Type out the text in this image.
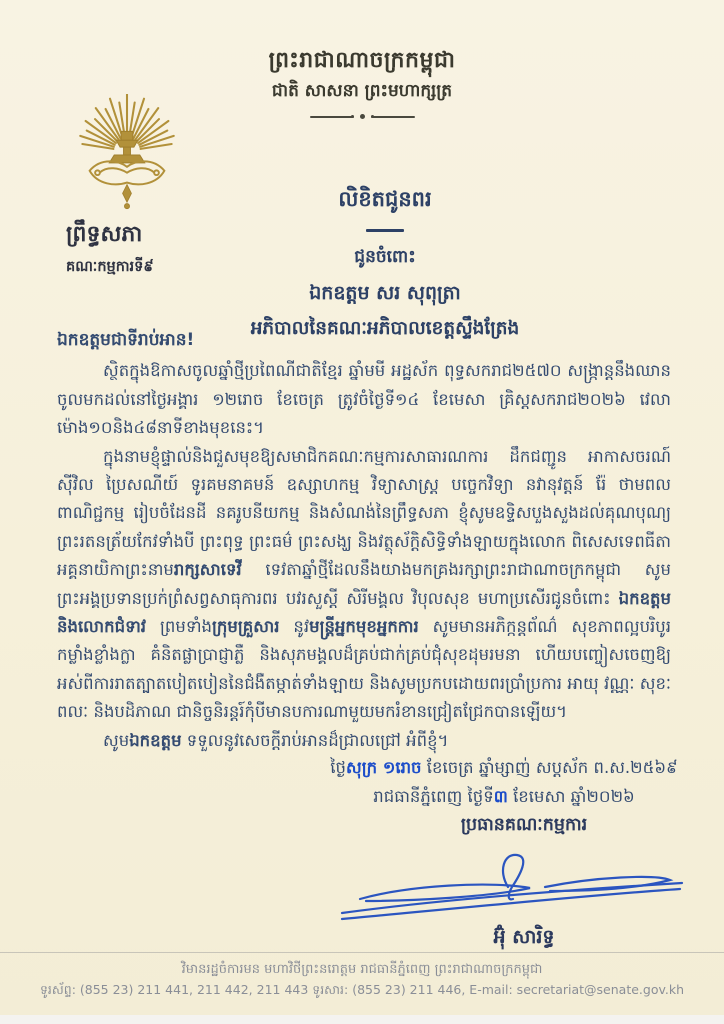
ព្រះរាជាណាចក្រកម្ពុជា
ជាតិ សាសនា ព្រះមហាក្សត្រ
ព្រឹទ្ធសភា
គណៈកម្មការទី៩
លិខិតជូនពរ
ជូនចំពោះ
ឯកឧត្តម សរ សុពុត្រា
អភិបាលនៃគណៈអភិបាលខេត្តស្ទឹងត្រែង
ឯកឧត្តមជាទីរាប់អាន!

ស្ថិតក្នុងឱកាសចូលឆ្នាំថ្មីប្រពៃណីជាតិខ្មែរ ឆ្នាំមមី អដ្ឋស័ក ពុទ្ធសករាជ២៥៧០ សង្ក្រាន្តនឹងឈានចូលមកដល់នៅថ្ងៃអង្គារ ១២រោច ខែចេត្រ ត្រូវចំថ្ងៃទី១៤ ខែមេសា គ្រិស្តសករាជ២០២៦ វេលាម៉ោង១០និង៤៨នាទីខាងមុខនេះ។

ក្នុងនាមខ្ញុំផ្ទាល់និងជួសមុខឱ្យសមាជិកគណៈកម្មការសាធារណការ ដឹកជញ្ជូន អាកាសចរណ៍ស៊ីវិល ប្រៃសណីយ៍ ទូរគមនាគមន៍ ឧស្សាហកម្ម វិទ្យាសាស្ត្រ បច្ចេកវិទ្យា នវានុវត្តន៍ រ៉ែ ថាមពល ពាណិជ្ជកម្ម រៀបចំដែនដី នគរូបនីយកម្ម និងសំណង់នៃព្រឹទ្ធសភា ខ្ញុំសូមឧទ្ទិសបួងសួងដល់គុណបុណ្យព្រះរតនត្រ័យកែវទាំងបី ព្រះពុទ្ធ ព្រះធម៌ ព្រះសង្ឃ និងវត្ថុស័ក្តិសិទ្ធិទាំងឡាយក្នុងលោក ពិសេសទេពធីតាអគ្គនាយិកាព្រះនាមរាក្សសាទេវី ទេវតាឆ្នាំថ្មីដែលនឹងយាងមកគ្រងរក្សាព្រះរាជាណាចក្រកម្ពុជា សូមព្រះអង្គប្រទានប្រក់ព្រំសព្វសាធុការពរ បវរសួស្ដី សិរីមង្គល វិបុលសុខ មហាប្រសើរជូនចំពោះ ឯកឧត្តមនិងលោកជំទាវ ព្រមទាំងក្រុមគ្រួសារ នូវមន្ត្រីអ្នកមុខអ្នកការ សូមមានអភិក្កន្តព័ណ៌ សុខភាពល្អបរិបូរ កម្លាំងខ្លាំងក្លា គំនិតផ្លាប្រាជ្ញាភ្លឺ និងសុភមង្គលដ៏គ្រប់ជាក់គ្រប់ជុំសុខដុមរមនា ហើយបញ្ចៀសចេញឱ្យអស់ពីការរាតត្បាតបៀតបៀននៃជំងឺតម្កាត់ទាំងឡាយ និងសូមប្រកបដោយពរប្រាំប្រការ អាយុ វណ្ណៈ សុខៈ ពលៈ និងបដិភាណ ជានិច្ចនិរន្តរ៍កុំបីមានបការណាមួយមករំខានជ្រៀតជ្រែកបានឡើយ។

សូមឯកឧត្តម ទទួលនូវសេចក្ដីរាប់អានដ៏ជ្រាលជ្រៅ អំពីខ្ញុំ។

ថ្ងៃសុក្រ ១រោច ខែចេត្រ ឆ្នាំម្សាញ់ សប្តស័ក ព.ស.២៥៦៩
រាជធានីភ្នំពេញ ថ្ងៃទី៣ ខែមេសា ឆ្នាំ២០២៦
ប្រធានគណៈកម្មការ
អ៊ុំ សារិទ្ធ
វិមានរដ្ឋចំការមន មហាវិថីព្រះនរោត្តម រាជធានីភ្នំពេញ ព្រះរាជាណាចក្រកម្ពុជា
ទូរស័ព្ទ: (855 23) 211 441, 211 442, 211 443 ទូរសារ: (855 23) 211 446, E-mail: secretariat@senate.gov.kh
